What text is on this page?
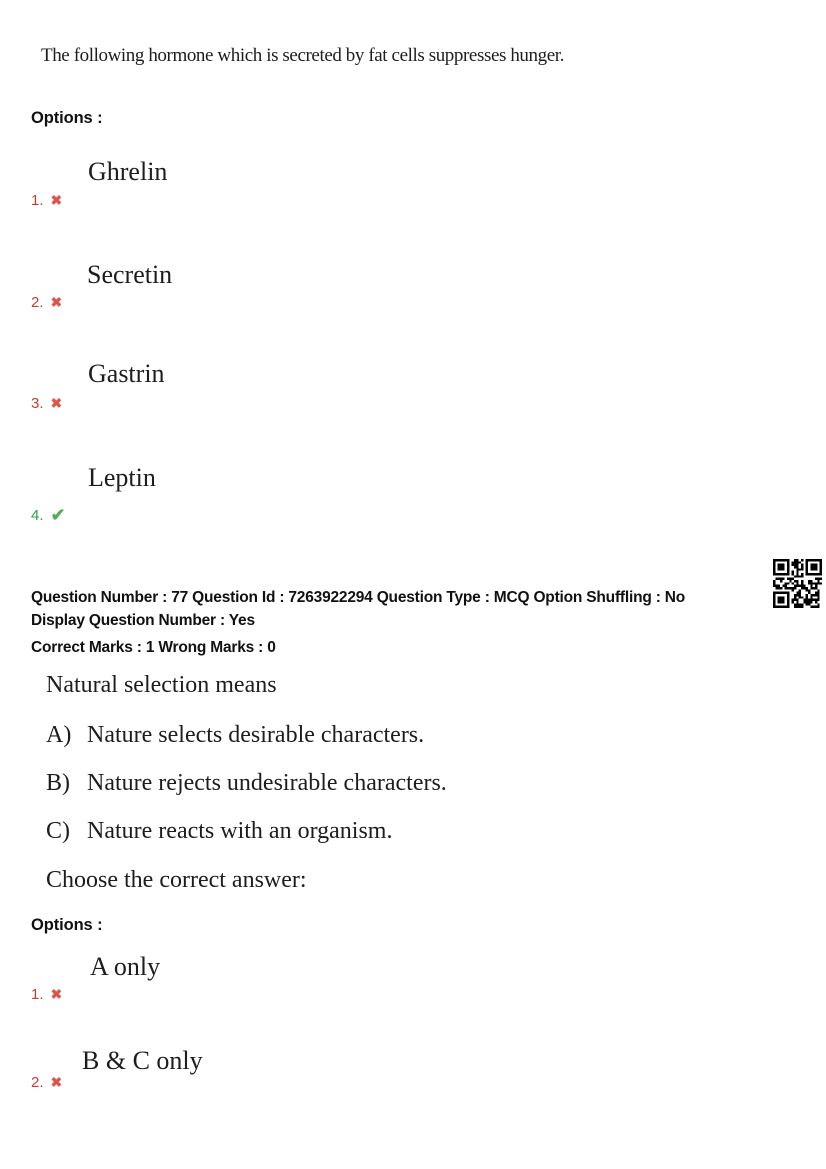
The following hormone which is secreted by fat cells suppresses hunger.
Options :
Ghrelin
1. ✖
Secretin
2. ✖
Gastrin
3. ✖
Leptin
4. ✔
Question Number : 77 Question Id : 7263922294 Question Type : MCQ Option Shuffling : No
Display Question Number : Yes
Correct Marks : 1 Wrong Marks : 0
Natural selection means
A) Nature selects desirable characters.
B) Nature rejects undesirable characters.
C) Nature reacts with an organism.
Choose the correct answer:
Options :
A only
1. ✖
B & C only
2. ✖
